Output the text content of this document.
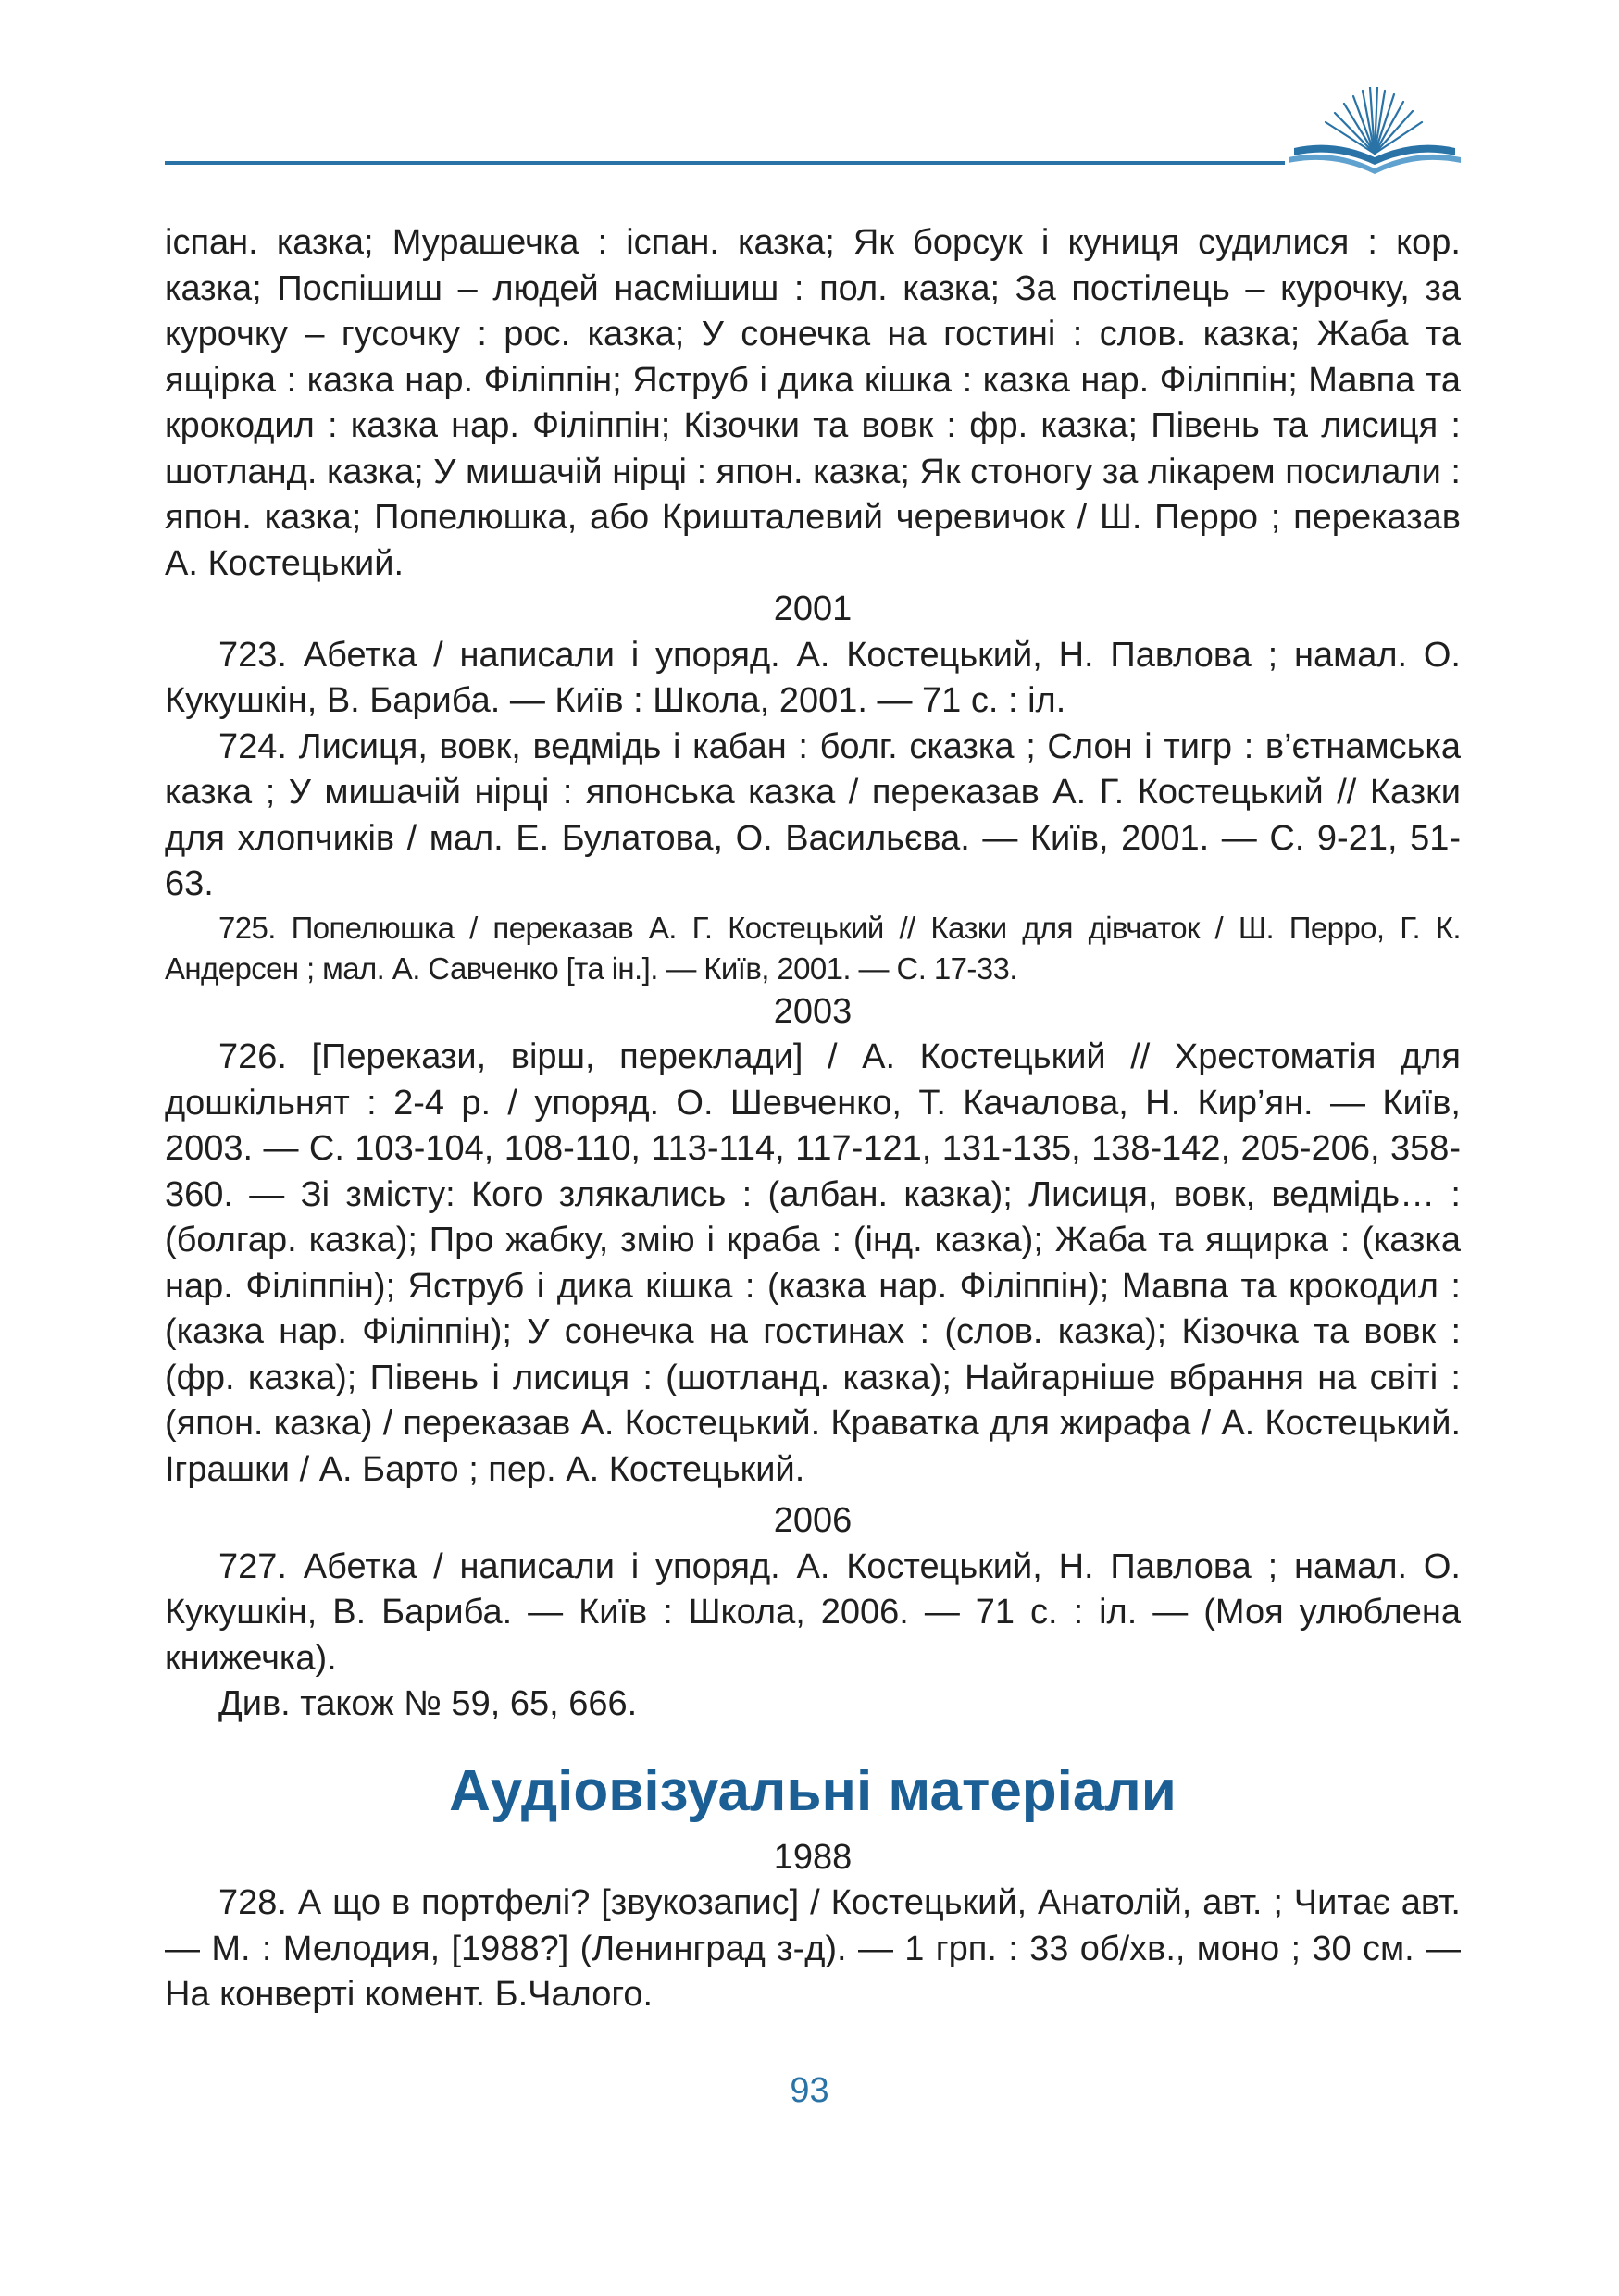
іспан. казка; Мурашечка : іспан. казка; Як борсук і куниця судилися : кор. казка; Поспішиш – людей насмішиш : пол. казка; За постілець – курочку, за курочку – гусочку : рос. казка; У сонечка на гостині : слов. казка; Жаба та ящірка : казка нар. Філіппін; Яструб і дика кішка : казка нар. Філіппін; Мавпа та крокодил : казка нар. Філіппін; Кізочки та вовк : фр. казка; Півень та лисиця : шотланд. казка; У мишачій нірці : япон. казка; Як стоногу за лікарем посилали : япон. казка; Попелюшка, або Кришталевий черевичок / Ш. Перро ; переказав А. Костецький.

2001

723. Абетка / написали і упоряд. А. Костецький, Н. Павлова ; намал. О. Кукушкін, В. Бариба. — Київ : Школа, 2001. — 71 с. : іл.

724. Лисиця, вовк, ведмідь і кабан : болг. сказка ; Слон і тигр : в’єтнамська казка ; У мишачій нірці : японська казка / переказав А. Г. Костецький // Казки для хлопчиків / мал. Е. Булатова, О. Васильєва. — Київ, 2001. — С. 9-21, 51-63.

725. Попелюшка / переказав А. Г. Костецький // Казки для дівчаток / Ш. Перро, Г. К. Андерсен ; мал. А. Савченко [та ін.]. — Київ, 2001. — С. 17-33.

2003

726. [Перекази, вірш, переклади] / А. Костецький // Хрестоматія для дошкільнят : 2-4 р. / упоряд. О. Шевченко, Т. Качалова, Н. Кир’ян. — Київ, 2003. — С. 103-104, 108-110, 113-114, 117-121, 131-135, 138-142, 205-206, 358-360. — Зі змісту: Кого злякались : (албан. казка); Лисиця, вовк, ведмідь… : (болгар. казка); Про жабку, змію і краба : (інд. казка); Жаба та ящирка : (казка нар. Філіппін); Яструб і дика кішка : (казка нар. Філіппін); Мавпа та крокодил : (казка нар. Філіппін); У сонечка на гостинах : (слов. казка); Кізочка та вовк : (фр. казка); Півень і лисиця : (шотланд. казка); Найгарніше вбрання на світі : (япон. казка) / переказав А. Костецький. Краватка для жирафа / А. Костецький. Іграшки / А. Барто ; пер. А. Костецький.

2006

727. Абетка / написали і упоряд. А. Костецький, Н. Павлова ; намал. О. Кукушкін, В. Бариба. — Київ : Школа, 2006. — 71 с. : іл. — (Моя улюблена книжечка).

Див. також № 59, 65, 666.

Аудіовізуальні матеріали

1988

728. А що в портфелі? [звукозапис] / Костецький, Анатолій, авт. ; Читає авт. — М. : Мелодия, [1988?] (Ленинград з-д). — 1 грп. : 33 об/хв., моно ; 30 см. — На конверті комент. Б.Чалого.

93
